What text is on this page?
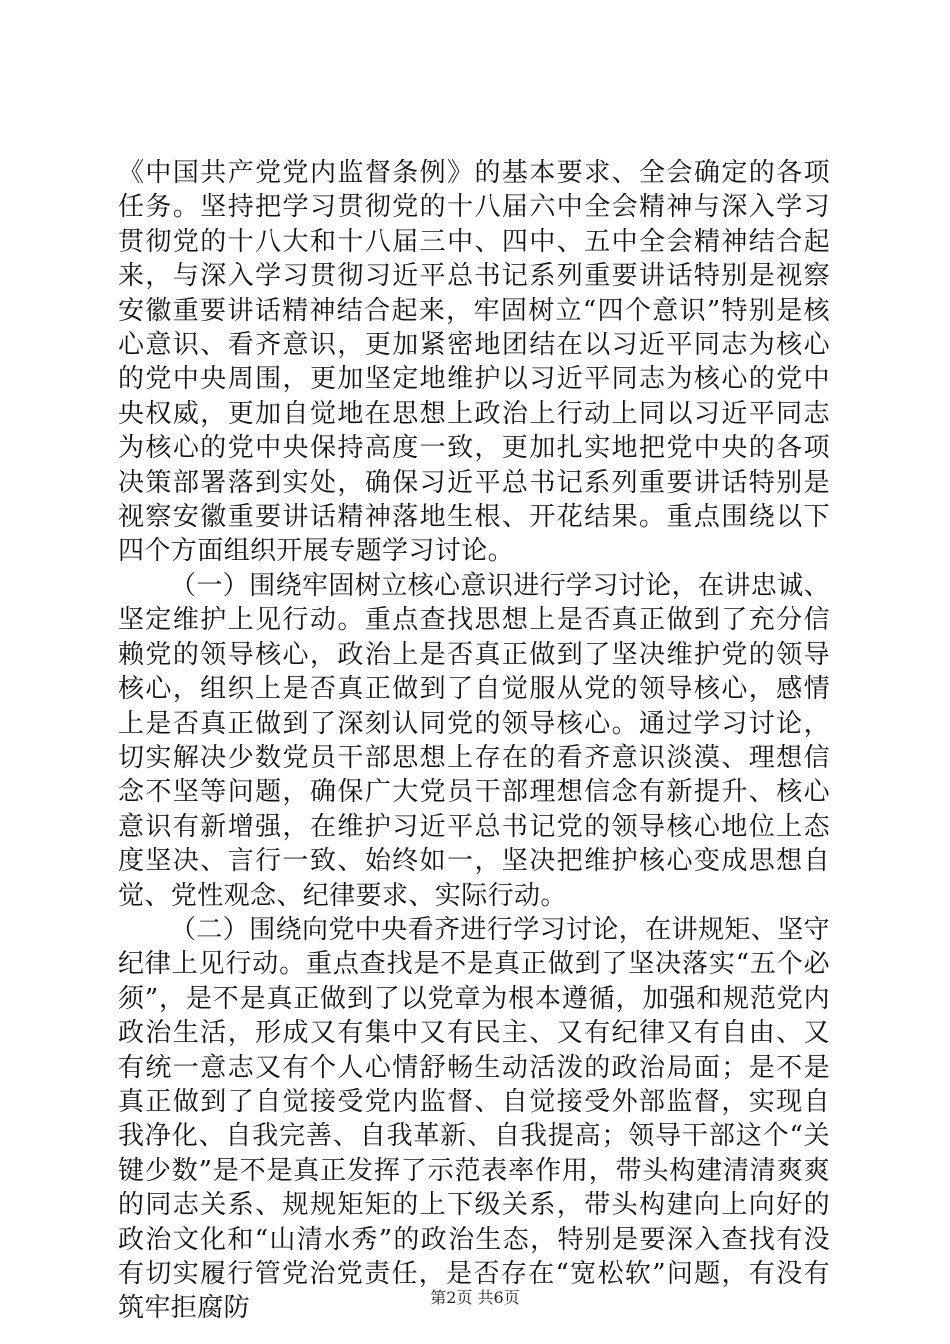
《中国共产党党内监督条例》的基本要求、全会确定的各项任务。坚持把学习贯彻党的十八届六中全会精神与深入学习贯彻党的十八大和十八届三中、四中、五中全会精神结合起来，与深入学习贯彻习近平总书记系列重要讲话特别是视察安徽重要讲话精神结合起来，牢固树立“四个意识”特别是核心意识、看齐意识，更加紧密地团结在以习近平同志为核心的党中央周围，更加坚定地维护以习近平同志为核心的党中央权威，更加自觉地在思想上政治上行动上同以习近平同志为核心的党中央保持高度一致，更加扎实地把党中央的各项决策部署落到实处，确保习近平总书记系列重要讲话特别是视察安徽重要讲话精神落地生根、开花结果。重点围绕以下四个方面组织开展专题学习讨论。

（一）围绕牢固树立核心意识进行学习讨论，在讲忠诚、坚定维护上见行动。重点查找思想上是否真正做到了充分信赖党的领导核心，政治上是否真正做到了坚决维护党的领导核心，组织上是否真正做到了自觉服从党的领导核心，感情上是否真正做到了深刻认同党的领导核心。通过学习讨论，切实解决少数党员干部思想上存在的看齐意识淡漠、理想信念不坚等问题，确保广大党员干部理想信念有新提升、核心意识有新增强，在维护习近平总书记党的领导核心地位上态度坚决、言行一致、始终如一，坚决把维护核心变成思想自觉、党性观念、纪律要求、实际行动。

（二）围绕向党中央看齐进行学习讨论，在讲规矩、坚守纪律上见行动。重点查找是不是真正做到了坚决落实“五个必须”，是不是真正做到了以党章为根本遵循，加强和规范党内政治生活，形成又有集中又有民主、又有纪律又有自由、又有统一意志又有个人心情舒畅生动活泼的政治局面；是不是真正做到了自觉接受党内监督、自觉接受外部监督，实现自我净化、自我完善、自我革新、自我提高；领导干部这个“关键少数”是不是真正发挥了示范表率作用，带头构建清清爽爽的同志关系、规规矩矩的上下级关系，带头构建向上向好的政治文化和“山清水秀”的政治生态，特别是要深入查找有没有切实履行管党治党责任，是否存在“宽松软”问题，有没有筑牢拒腐防	第2页 共6页
